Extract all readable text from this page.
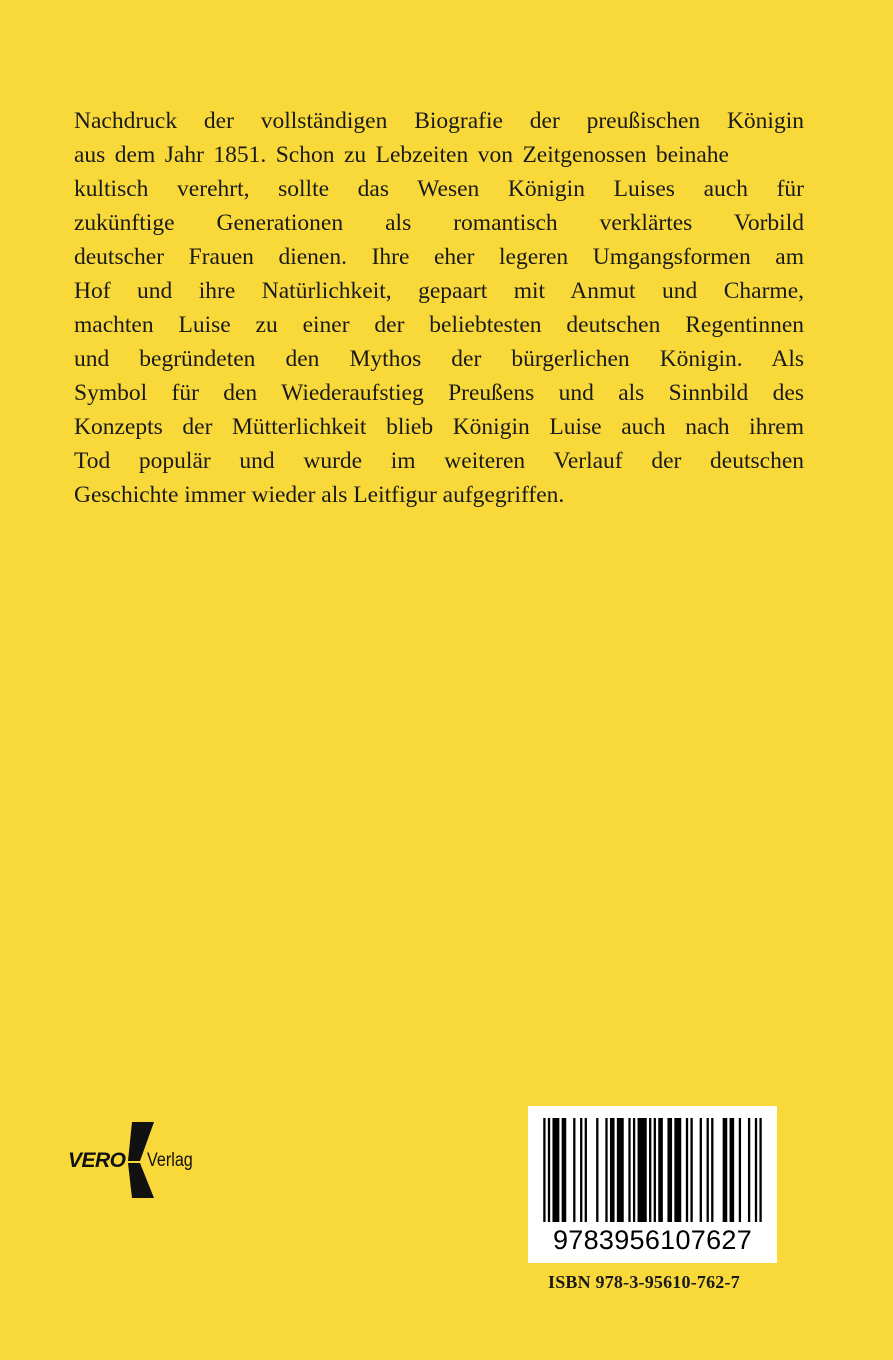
Nachdruck der vollständigen Biografie der preußischen Königin
aus dem Jahr 1851. Schon zu Lebzeiten von Zeitgenossen beinahe
kultisch verehrt, sollte das Wesen Königin Luises auch für
zukünftige Generationen als romantisch verklärtes Vorbild
deutscher Frauen dienen. Ihre eher legeren Umgangsformen am
Hof und ihre Natürlichkeit, gepaart mit Anmut und Charme,
machten Luise zu einer der beliebtesten deutschen Regentinnen
und begründeten den Mythos der bürgerlichen Königin. Als
Symbol für den Wiederaufstieg Preußens und als Sinnbild des
Konzepts der Mütterlichkeit blieb Königin Luise auch nach ihrem
Tod populär und wurde im weiteren Verlauf der deutschen
Geschichte immer wieder als Leitfigur aufgegriffen.
VERO Verlag
9783956107627
ISBN 978-3-95610-762-7
